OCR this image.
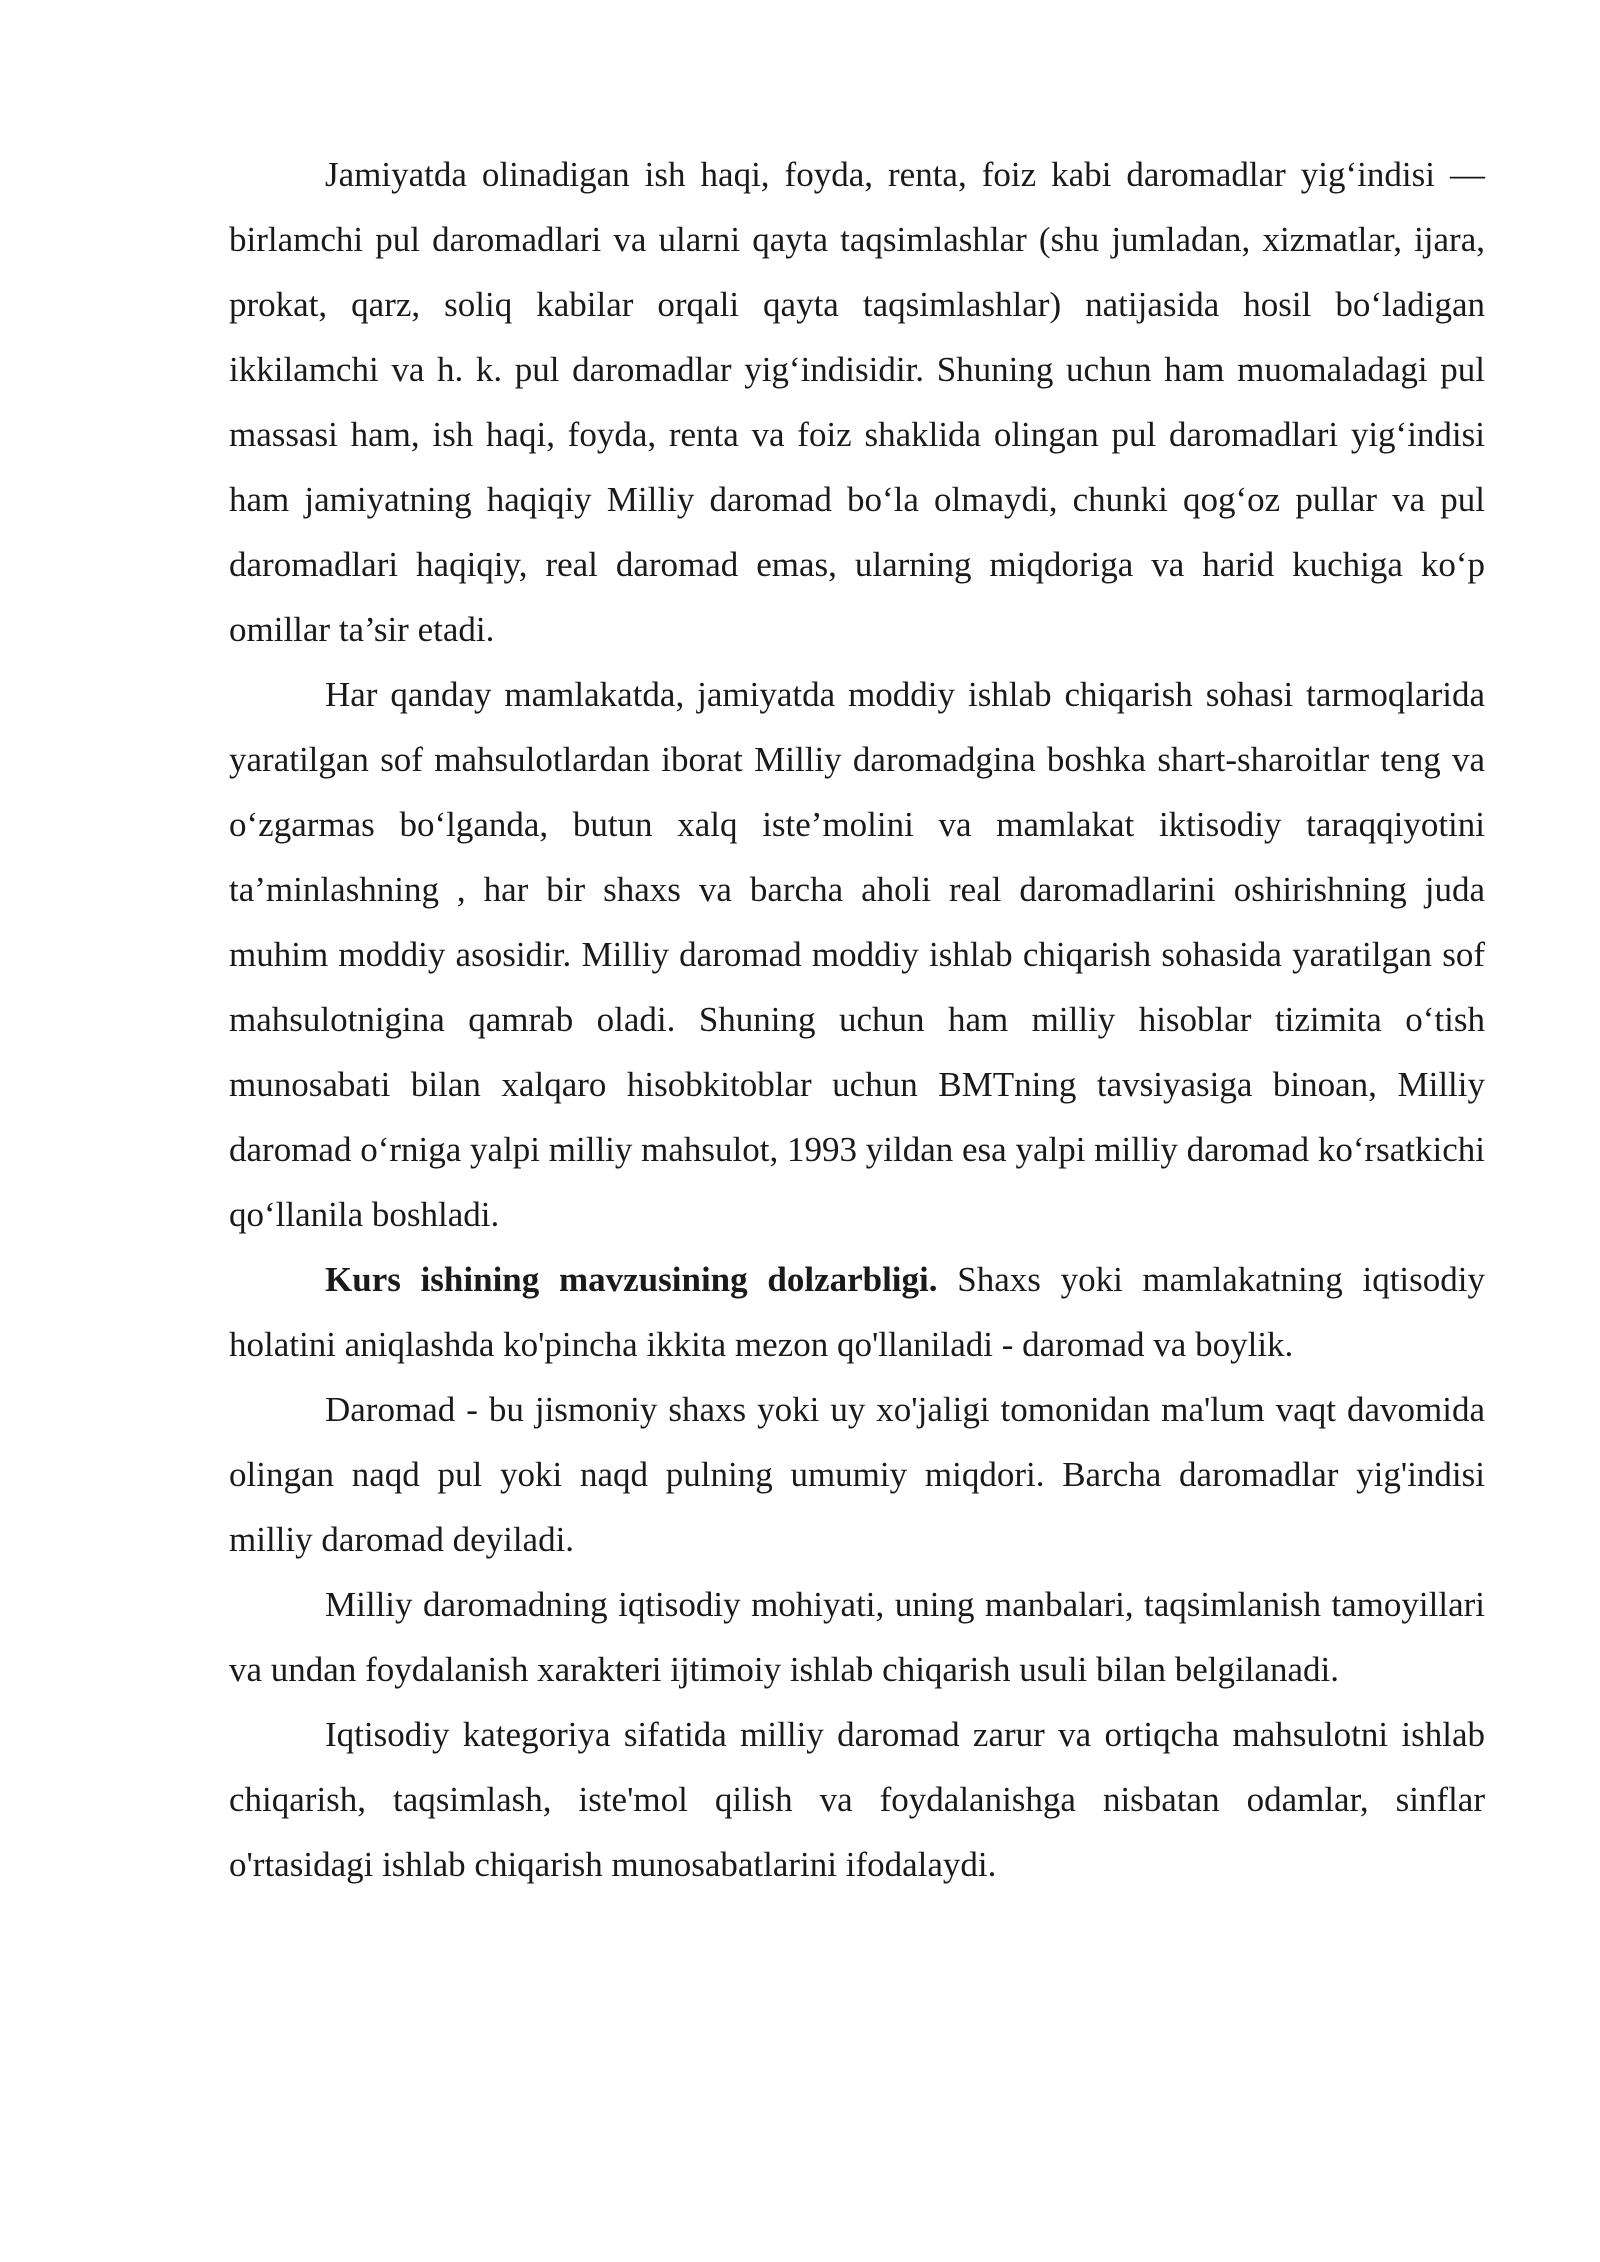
Jamiyatda olinadigan ish haqi, foyda, renta, foiz kabi daromadlar yig‘indisi — birlamchi pul daromadlari va ularni qayta taqsimlashlar (shu jumladan, xizmatlar, ijara, prokat, qarz, soliq kabilar orqali qayta taqsimlashlar) natijasida hosil bo‘ladigan ikkilamchi va h. k. pul daromadlar yig‘indisidir. Shuning uchun ham muomaladagi pul massasi ham, ish haqi, foyda, renta va foiz shaklida olingan pul daromadlari yig‘indisi ham jamiyatning haqiqiy Milliy daromad bo‘la olmaydi, chunki qog‘oz pullar va pul daromadlari haqiqiy, real daromad emas, ularning miqdoriga va harid kuchiga ko‘p omillar ta’sir etadi.

Har qanday mamlakatda, jamiyatda moddiy ishlab chiqarish sohasi tarmoqlarida yaratilgan sof mahsulotlardan iborat Milliy daromadgina boshka shart-sharoitlar teng va o‘zgarmas bo‘lganda, butun xalq iste’molini va mamlakat iktisodiy taraqqiyotini ta’minlashning , har bir shaxs va barcha aholi real daromadlarini oshirishning juda muhim moddiy asosidir. Milliy daromad moddiy ishlab chiqarish sohasida yaratilgan sof mahsulotnigina qamrab oladi. Shuning uchun ham milliy hisoblar tizimita o‘tish munosabati bilan xalqaro hisobkitoblar uchun BMTning tavsiyasiga binoan, Milliy daromad o‘rniga yalpi milliy mahsulot, 1993 yildan esa yalpi milliy daromad ko‘rsatkichi qo‘llanila boshladi.

Kurs ishining mavzusining dolzarbligi. Shaxs yoki mamlakatning iqtisodiy holatini aniqlashda ko'pincha ikkita mezon qo'llaniladi - daromad va boylik.

Daromad - bu jismoniy shaxs yoki uy xo'jaligi tomonidan ma'lum vaqt davomida olingan naqd pul yoki naqd pulning umumiy miqdori. Barcha daromadlar yig'indisi milliy daromad deyiladi.

Milliy daromadning iqtisodiy mohiyati, uning manbalari, taqsimlanish tamoyillari va undan foydalanish xarakteri ijtimoiy ishlab chiqarish usuli bilan belgilanadi.

Iqtisodiy kategoriya sifatida milliy daromad zarur va ortiqcha mahsulotni ishlab chiqarish, taqsimlash, iste'mol qilish va foydalanishga nisbatan odamlar, sinflar o'rtasidagi ishlab chiqarish munosabatlarini ifodalaydi.
